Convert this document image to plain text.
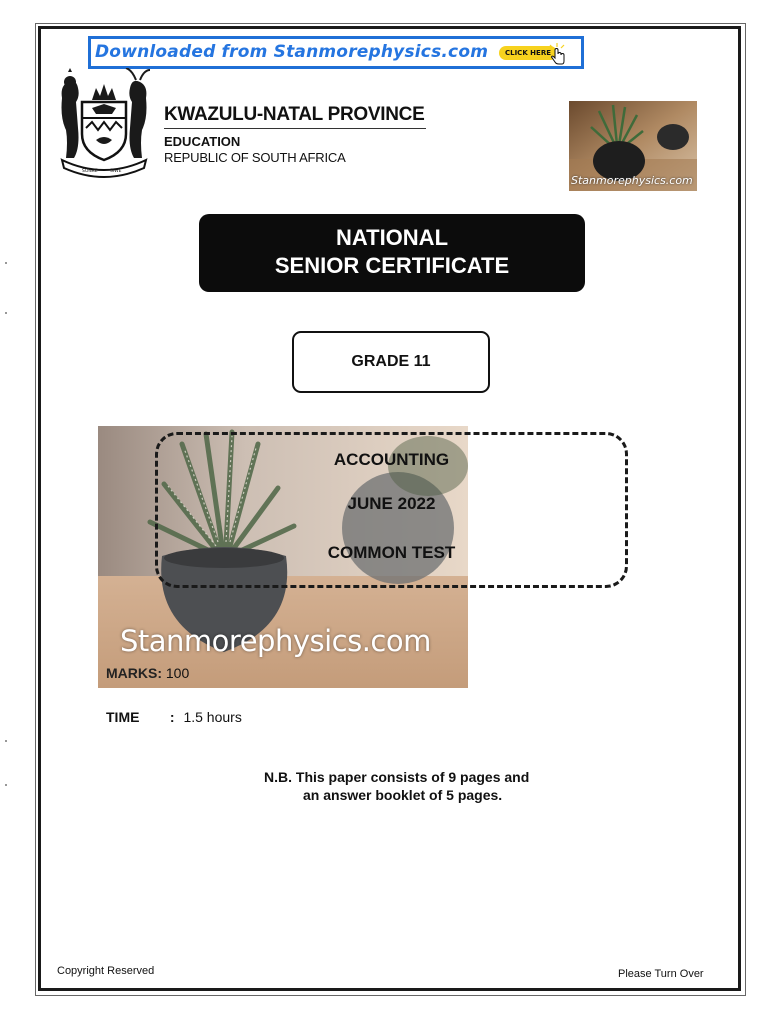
Downloaded from Stanmorephysics.com	CLICK HERE
SONKE	SIWE
KWAZULU-NATAL PROVINCE
EDUCATION
REPUBLIC OF SOUTH AFRICA
Stanmorephysics.com
NATIONAL
SENIOR CERTIFICATE
GRADE 11
Stanmorephysics.com
ACCOUNTING
JUNE 2022
COMMON TEST
MARKS: 100
TIME : 1.5 hours
N.B. This paper consists of 9 pages and
an answer booklet of 5 pages.
Copyright Reserved	Please Turn Over
